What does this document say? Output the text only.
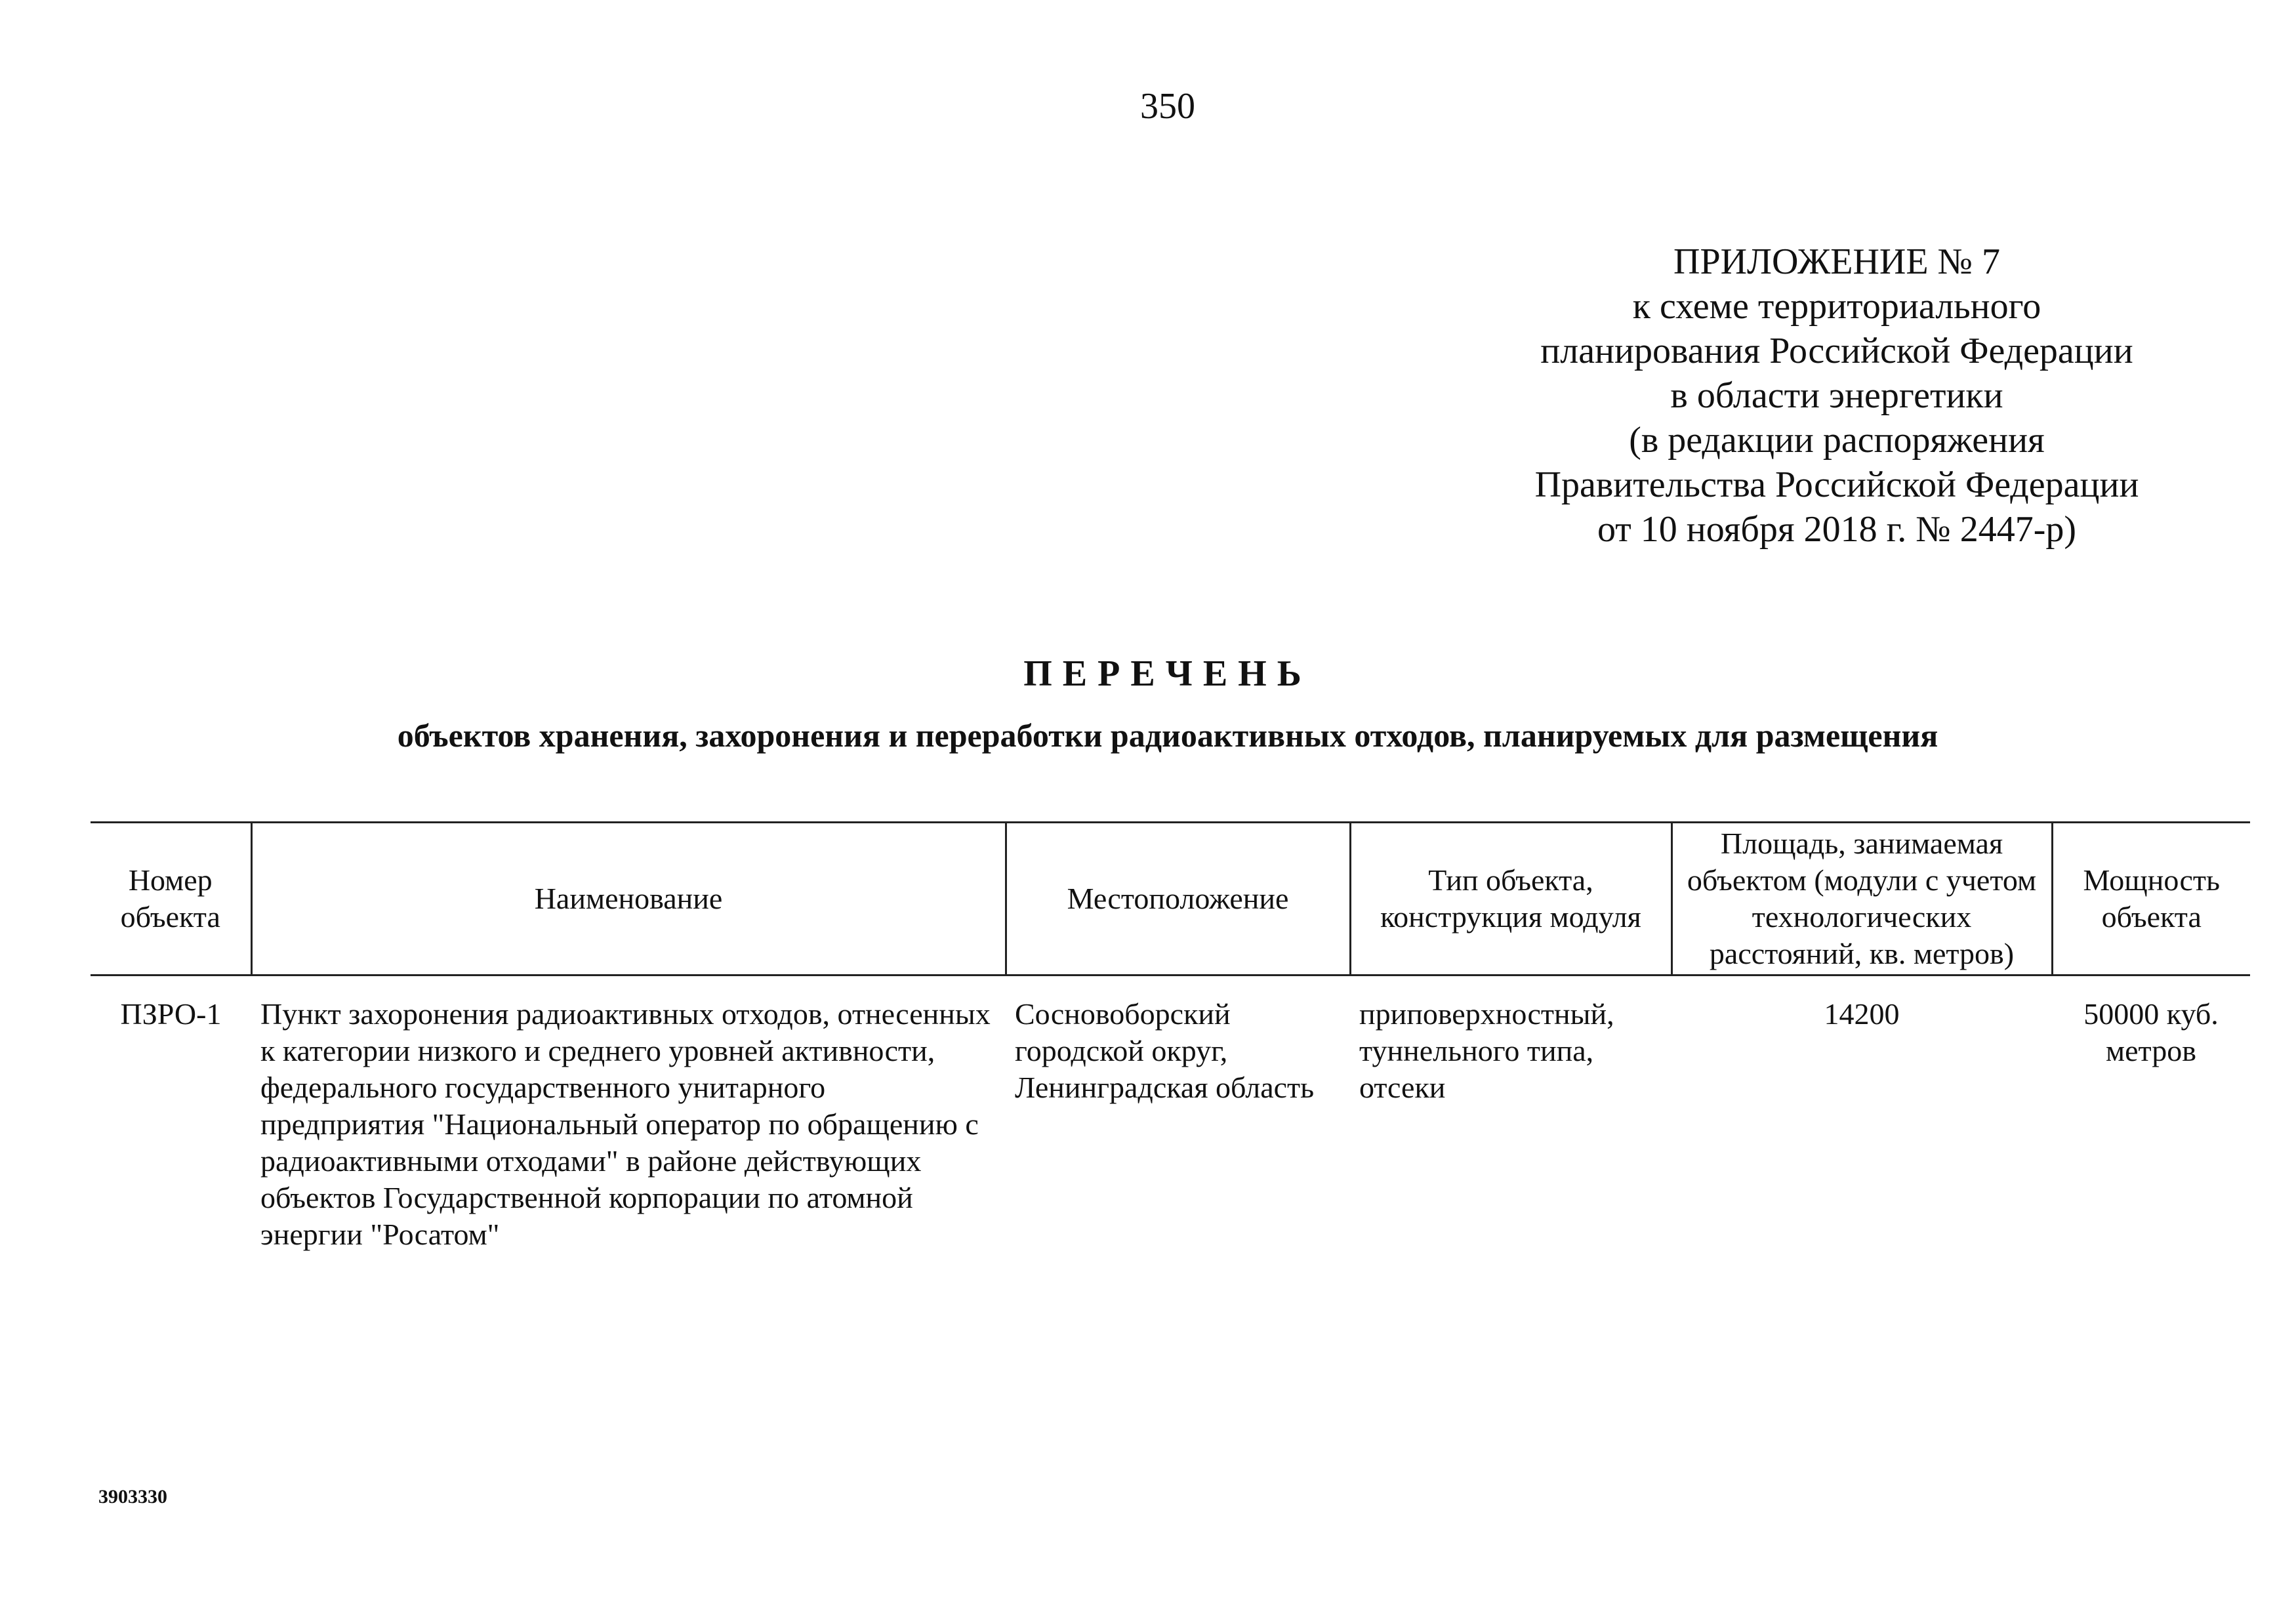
350
ПРИЛОЖЕНИЕ № 7
к схеме территориального
планирования Российской Федерации
в области энергетики
(в редакции распоряжения
Правительства Российской Федерации
от 10 ноября 2018 г. № 2447-р)
ПЕРЕЧЕНЬ
объектов хранения, захоронения и переработки радиоактивных отходов, планируемых для размещения
Номер объекта	Наименование	Местоположение	Тип объекта, конструкция модуля	Площадь, занимаемая объектом (модули с учетом технологических расстояний, кв. метров)	Мощность объекта
ПЗРО-1	Пункт захоронения радиоактивных отходов, отнесенных к категории низкого и среднего уровней активности, федерального государственного унитарного предприятия "Национальный оператор по обращению с радиоактивными отходами" в районе действующих объектов Государственной корпорации по атомной энергии "Росатом"	Сосновоборский городской округ, Ленинградская область	приповерхностный, туннельного типа, отсеки	14200	50000 куб. метров
3903330
